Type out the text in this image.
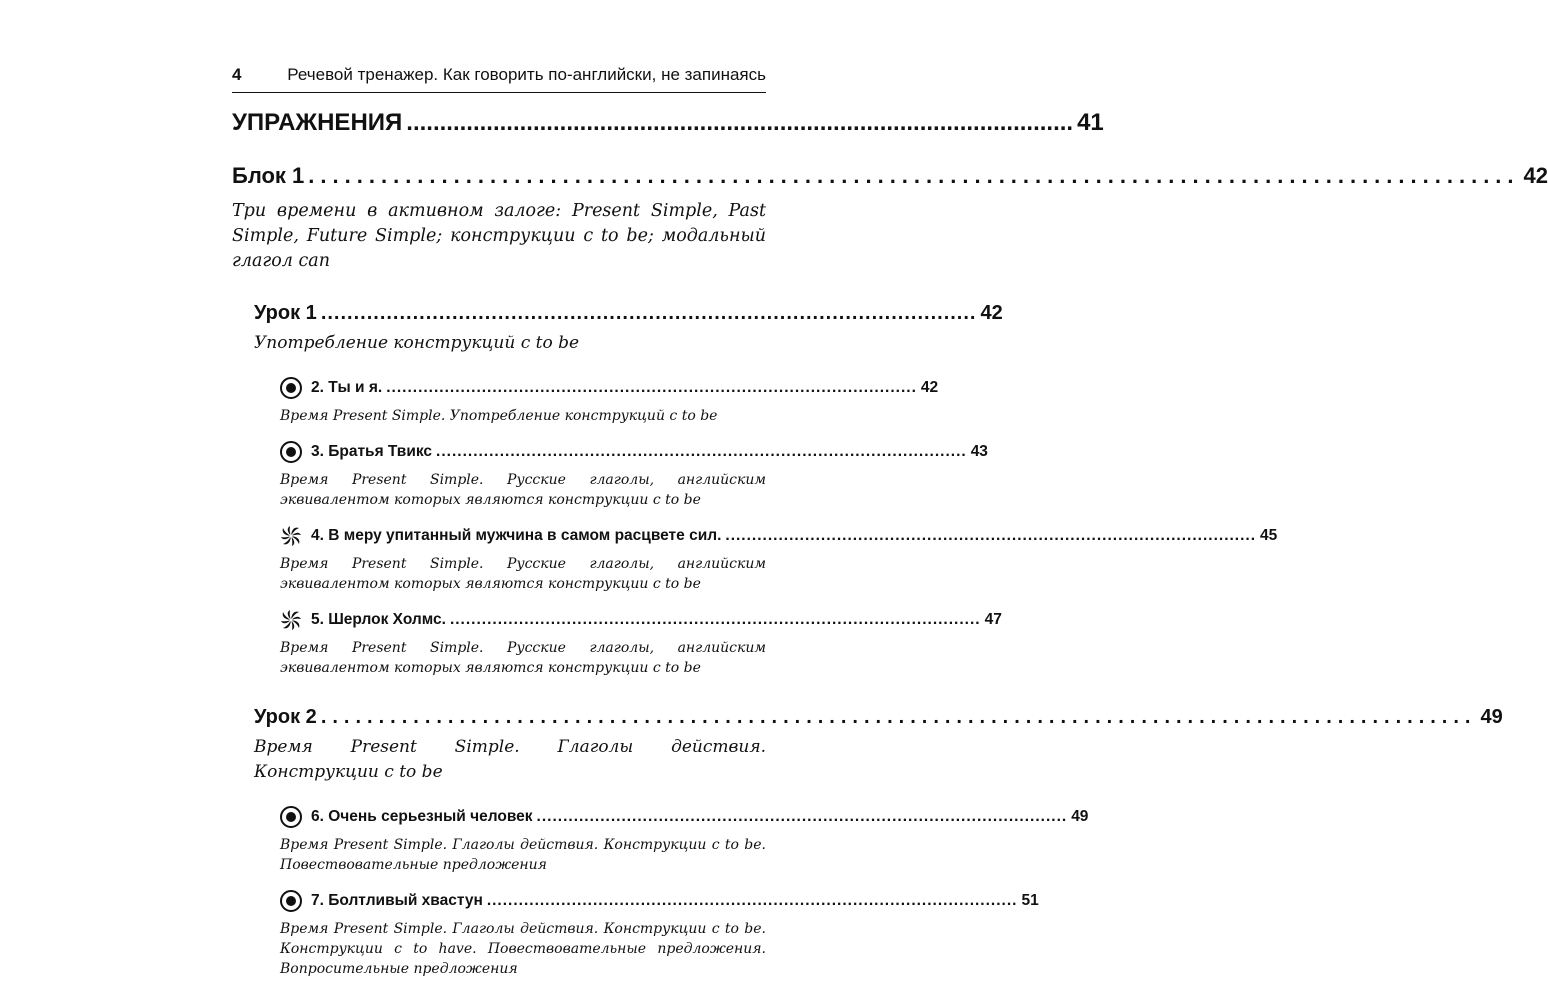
4	Речевой тренажер. Как говорить по-английски, не запинаясь
УПРАЖНЕНИЯ .................................................................................................... 41
Блок 1 .................................................................................................... 42
Три времени в активном залоге: Present Simple, Past Simple, Future Simple; конструкции с to be; модальный глагол can
Урок 1 .................................................................................................... 42
Употребление конструкций с to be
2. Ты и я. .................................................................................................... 42
Время Present Simple. Употребление конструкций с to be
3. Братья Твикс .................................................................................................... 43
Время Present Simple. Русские глаголы, английским эквивалентом которых являются конструкции с to be
4. В меру упитанный мужчина в самом расцвете сил. .................................................................................................... 45
Время Present Simple. Русские глаголы, английским эквивалентом которых являются конструкции с to be
5. Шерлок Холмс. .................................................................................................... 47
Время Present Simple. Русские глаголы, английским эквивалентом которых являются конструкции с to be
Урок 2 .................................................................................................... 49
Время Present Simple. Глаголы действия. Конструкции с to be
6. Очень серьезный человек .................................................................................................... 49
Время Present Simple. Глаголы действия. Конструкции с to be. Повествовательные предложения
7. Болтливый хвастун .................................................................................................... 51
Время Present Simple. Глаголы действия. Конструкции с to be. Конструкции с to have. Повествовательные предложения. Вопросительные предложения
